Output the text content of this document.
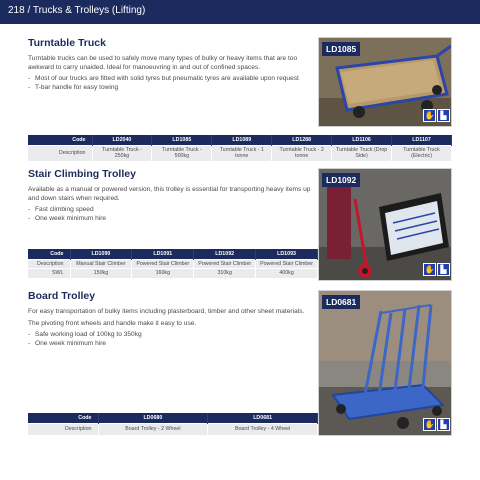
218 / Trucks & Trolleys (Lifting)
Turntable Truck
Turntable trucks can be used to safely move many types of bulky or heavy items that are too awkward to carry unaided. Ideal for manoeuvring in and out of confined spaces.
- Most of our trucks are fitted with solid tyres but pneumatic tyres are available upon request
- T-bar handle for easy towing
LD1085
✋ ▙
Code	LD2040	LD1085	LD1089	LD1288	LD1106	LD1107
Description	Turntable Truck - 250kg	Turntable Truck - 500kg	Turntable Truck - 1 tonne	Turntable Truck - 2 tonne	Turntable Truck (Drop Side)	Turntable Truck (Electric)
Stair Climbing Trolley
Available as a manual or powered version, this trolley is essential for transporting heavy items up and down stairs when required.
- Fast climbing speed
- One week minimum hire
LD1092
✋ ▙
Code	LD1090	LD1091	LD1092	LD1093
Description	Manual Stair Climber	Powered Stair Climber	Powered Stair Climber	Powered Stair Climber
SWL	150kg	160kg	310kg	400kg
Board Trolley
For easy transportation of bulky items including plasterboard, timber and other sheet materials.
The pivoting front wheels and handle make it easy to use.
- Safe working load of 100kg to 350kg
- One week minimum hire
LD0681
✋ ▙
Code	LD0680	LD0681
Description	Board Trolley - 2 Wheel	Board Trolley - 4 Wheel
